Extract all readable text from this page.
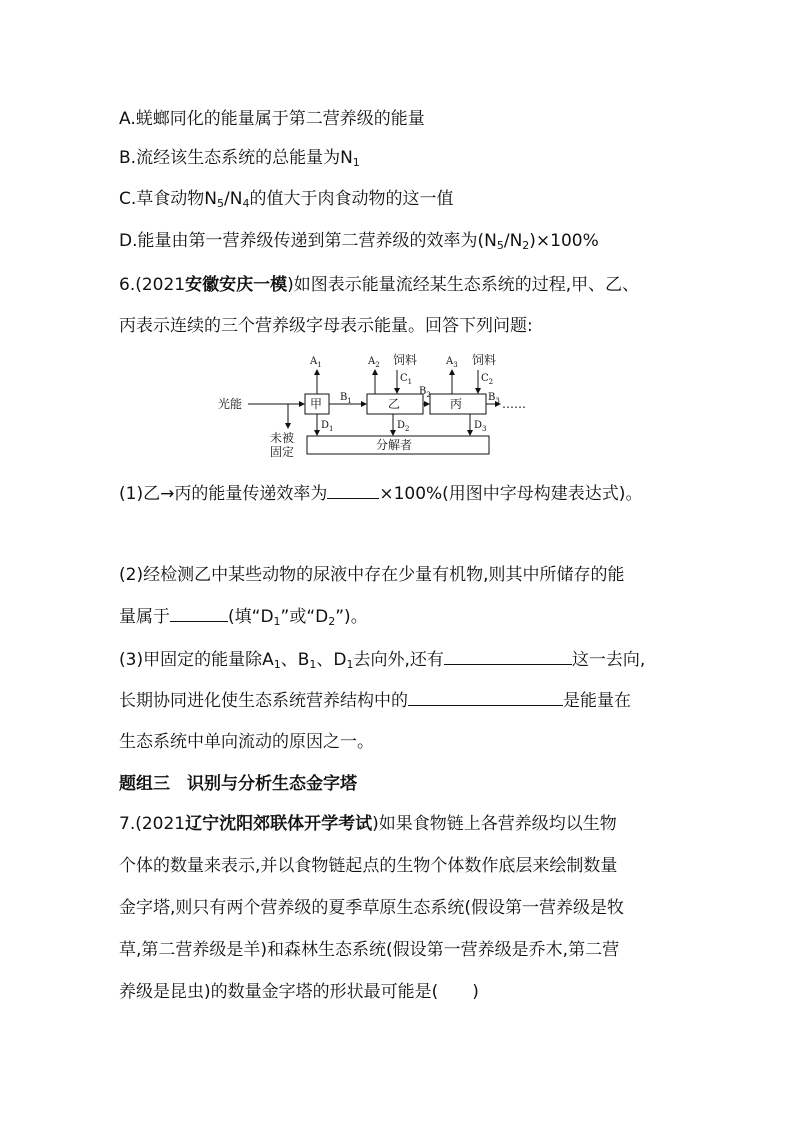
A.蜣螂同化的能量属于第二营养级的能量
B.流经该生态系统的总能量为$N_1$
C.草食动物$N_5/N_4$的值大于肉食动物的这一值
D.能量由第一营养级传递到第二营养级的效率为$(N_5/N_2)\times 100\%$
6.(2021安徽安庆一模)如图表示能量流经某生态系统的过程,甲、乙、
丙表示连续的三个营养级字母表示能量。回答下列问题:
光能	甲	乙	丙
分解者
未被
固定
饲料	饲料
……
$A_1$	$A_2$	$A_3$
$C_1$	$C_2$
$B_1$
$B_2$	$B_3$
$D_1$	$D_2$	$D_3$
(1)乙→丙的能量传递效率为	×100%(用图中字母构建表达式)。
(2)经检测乙中某些动物的尿液中存在少量有机物,则其中所储存的能
量属于	(填“$D_1$”或“$D_2$”)。
(3)甲固定的能量除$A_1$、$B_1$、$D_1$去向外,还有	这一去向,
长期协同进化使生态系统营养结构中的	是能量在
生态系统中单向流动的原因之一。
题组三　识别与分析生态金字塔
7.(2021辽宁沈阳郊联体开学考试)如果食物链上各营养级均以生物
个体的数量来表示,并以食物链起点的生物个体数作底层来绘制数量
金字塔,则只有两个营养级的夏季草原生态系统(假设第一营养级是牧
草,第二营养级是羊)和森林生态系统(假设第一营养级是乔木,第二营
养级是昆虫)的数量金字塔的形状最可能是(　　)
